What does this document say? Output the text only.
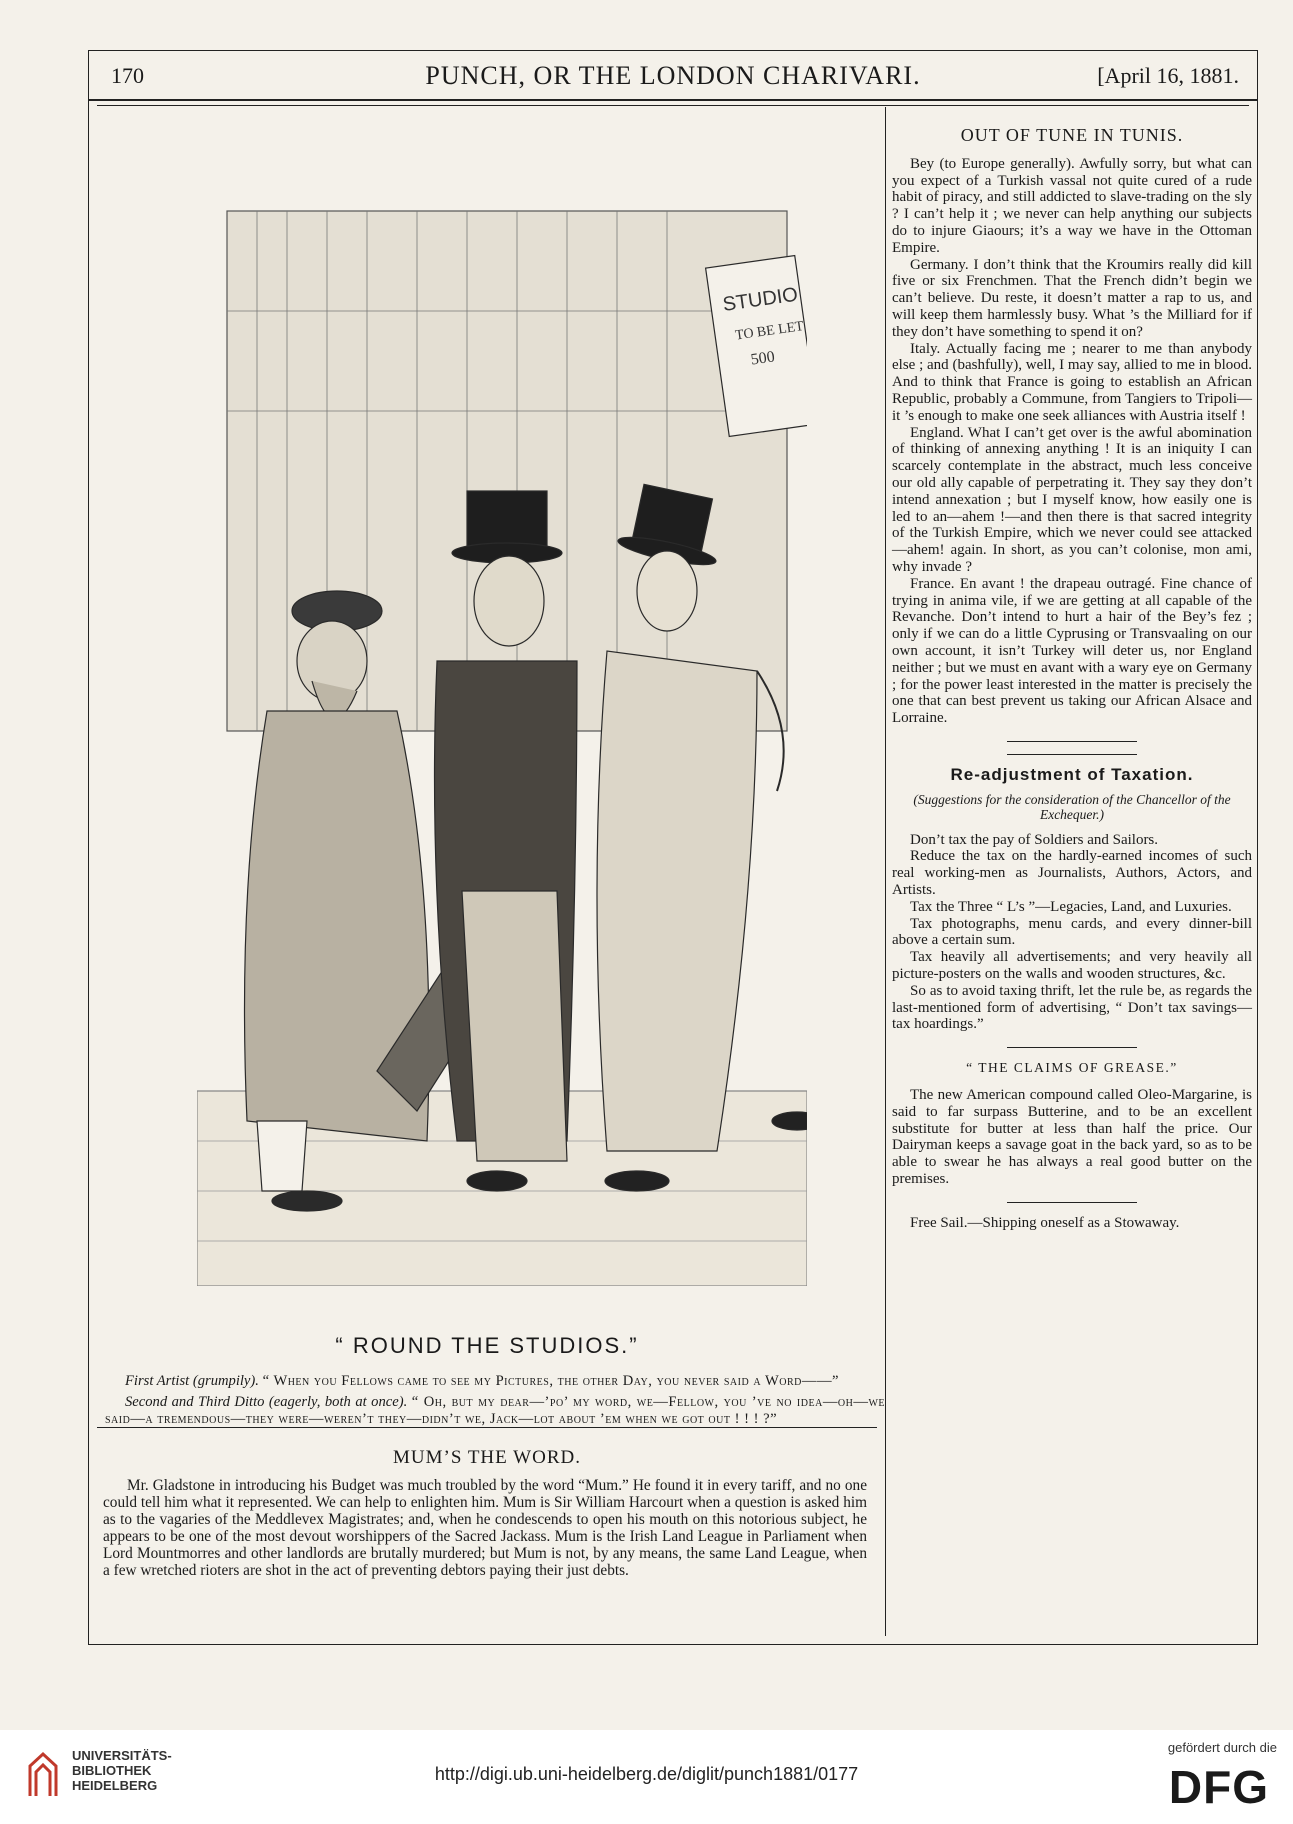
170	PUNCH, OR THE LONDON CHARIVARI.	[April 16, 1881.
STUDIO
TO BE LET
500
“ ROUND THE STUDIOS.”

First Artist (grumpily). “ When you Fellows came to see my Pictures, the other Day, you never said a Word——”

Second and Third Ditto (eagerly, both at once). “ Oh, but my dear—’po’ my word, we—Fellow, you ’ve no idea—oh—we said—a tremendous—they were—weren’t they—didn’t we, Jack—lot about ’em when we got out ! ! ! ?”

MUM’S THE WORD.

Mr. Gladstone in introducing his Budget was much troubled by the word “Mum.” He found it in every tariff, and no one could tell him what it represented. We can help to enlighten him. Mum is Sir William Harcourt when a question is asked him as to the vagaries of the Meddlevex Magistrates; and, when he condescends to open his mouth on this notorious subject, he appears to be one of the most devout worshippers of the Sacred Jackass. Mum is the Irish Land League in Parliament when Lord Mountmorres and other landlords are brutally murdered; but Mum is not, by any means, the same Land League, when a few wretched rioters are shot in the act of preventing debtors paying their just debts.

OUT OF TUNE IN TUNIS.

Bey (to Europe generally). Awfully sorry, but what can you expect of a Turkish vassal not quite cured of a rude habit of piracy, and still addicted to slave-trading on the sly ? I can’t help it ; we never can help anything our subjects do to injure Giaours; it’s a way we have in the Ottoman Empire.

Germany. I don’t think that the Kroumirs really did kill five or six Frenchmen. That the French didn’t begin we can’t believe. Du reste, it doesn’t matter a rap to us, and will keep them harmlessly busy. What ’s the Milliard for if they don’t have something to spend it on?

Italy. Actually facing me ; nearer to me than anybody else ; and (bashfully), well, I may say, allied to me in blood. And to think that France is going to establish an African Republic, probably a Commune, from Tangiers to Tripoli—it ’s enough to make one seek alliances with Austria itself !

England. What I can’t get over is the awful abomination of thinking of annexing anything ! It is an iniquity I can scarcely contemplate in the abstract, much less conceive our old ally capable of perpetrating it. They say they don’t intend annexation ; but I myself know, how easily one is led to an—ahem !—and then there is that sacred integrity of the Turkish Empire, which we never could see attacked—ahem! again. In short, as you can’t colonise, mon ami, why invade ?

France. En avant ! the drapeau outragé. Fine chance of trying in anima vile, if we are getting at all capable of the Revanche. Don’t intend to hurt a hair of the Bey’s fez ; only if we can do a little Cyprusing or Transvaaling on our own account, it isn’t Turkey will deter us, nor England neither ; but we must en avant with a wary eye on Germany ; for the power least interested in the matter is precisely the one that can best prevent us taking our African Alsace and Lorraine.

Re-adjustment of Taxation.
(Suggestions for the consideration of the Chancellor of the Exchequer.)

Don’t tax the pay of Soldiers and Sailors.

Reduce the tax on the hardly-earned incomes of such real working-men as Journalists, Authors, Actors, and Artists.

Tax the Three “ L’s ”—Legacies, Land, and Luxuries.

Tax photographs, menu cards, and every dinner-bill above a certain sum.

Tax heavily all advertisements; and very heavily all picture-posters on the walls and wooden structures, &c.

So as to avoid taxing thrift, let the rule be, as regards the last-mentioned form of advertising, “ Don’t tax savings—tax hoardings.”

“ THE CLAIMS OF GREASE.”

The new American compound called Oleo-Margarine, is said to far surpass Butterine, and to be an excellent substitute for butter at less than half the price. Our Dairyman keeps a savage goat in the back yard, so as to be able to swear he has always a real good butter on the premises.

Free Sail.—Shipping oneself as a Stowaway.

UNIVERSITÄTS-
BIBLIOTHEK
HEIDELBERG
http://digi.ub.uni-heidelberg.de/diglit/punch1881/0177
gefördert durch die
DFG
